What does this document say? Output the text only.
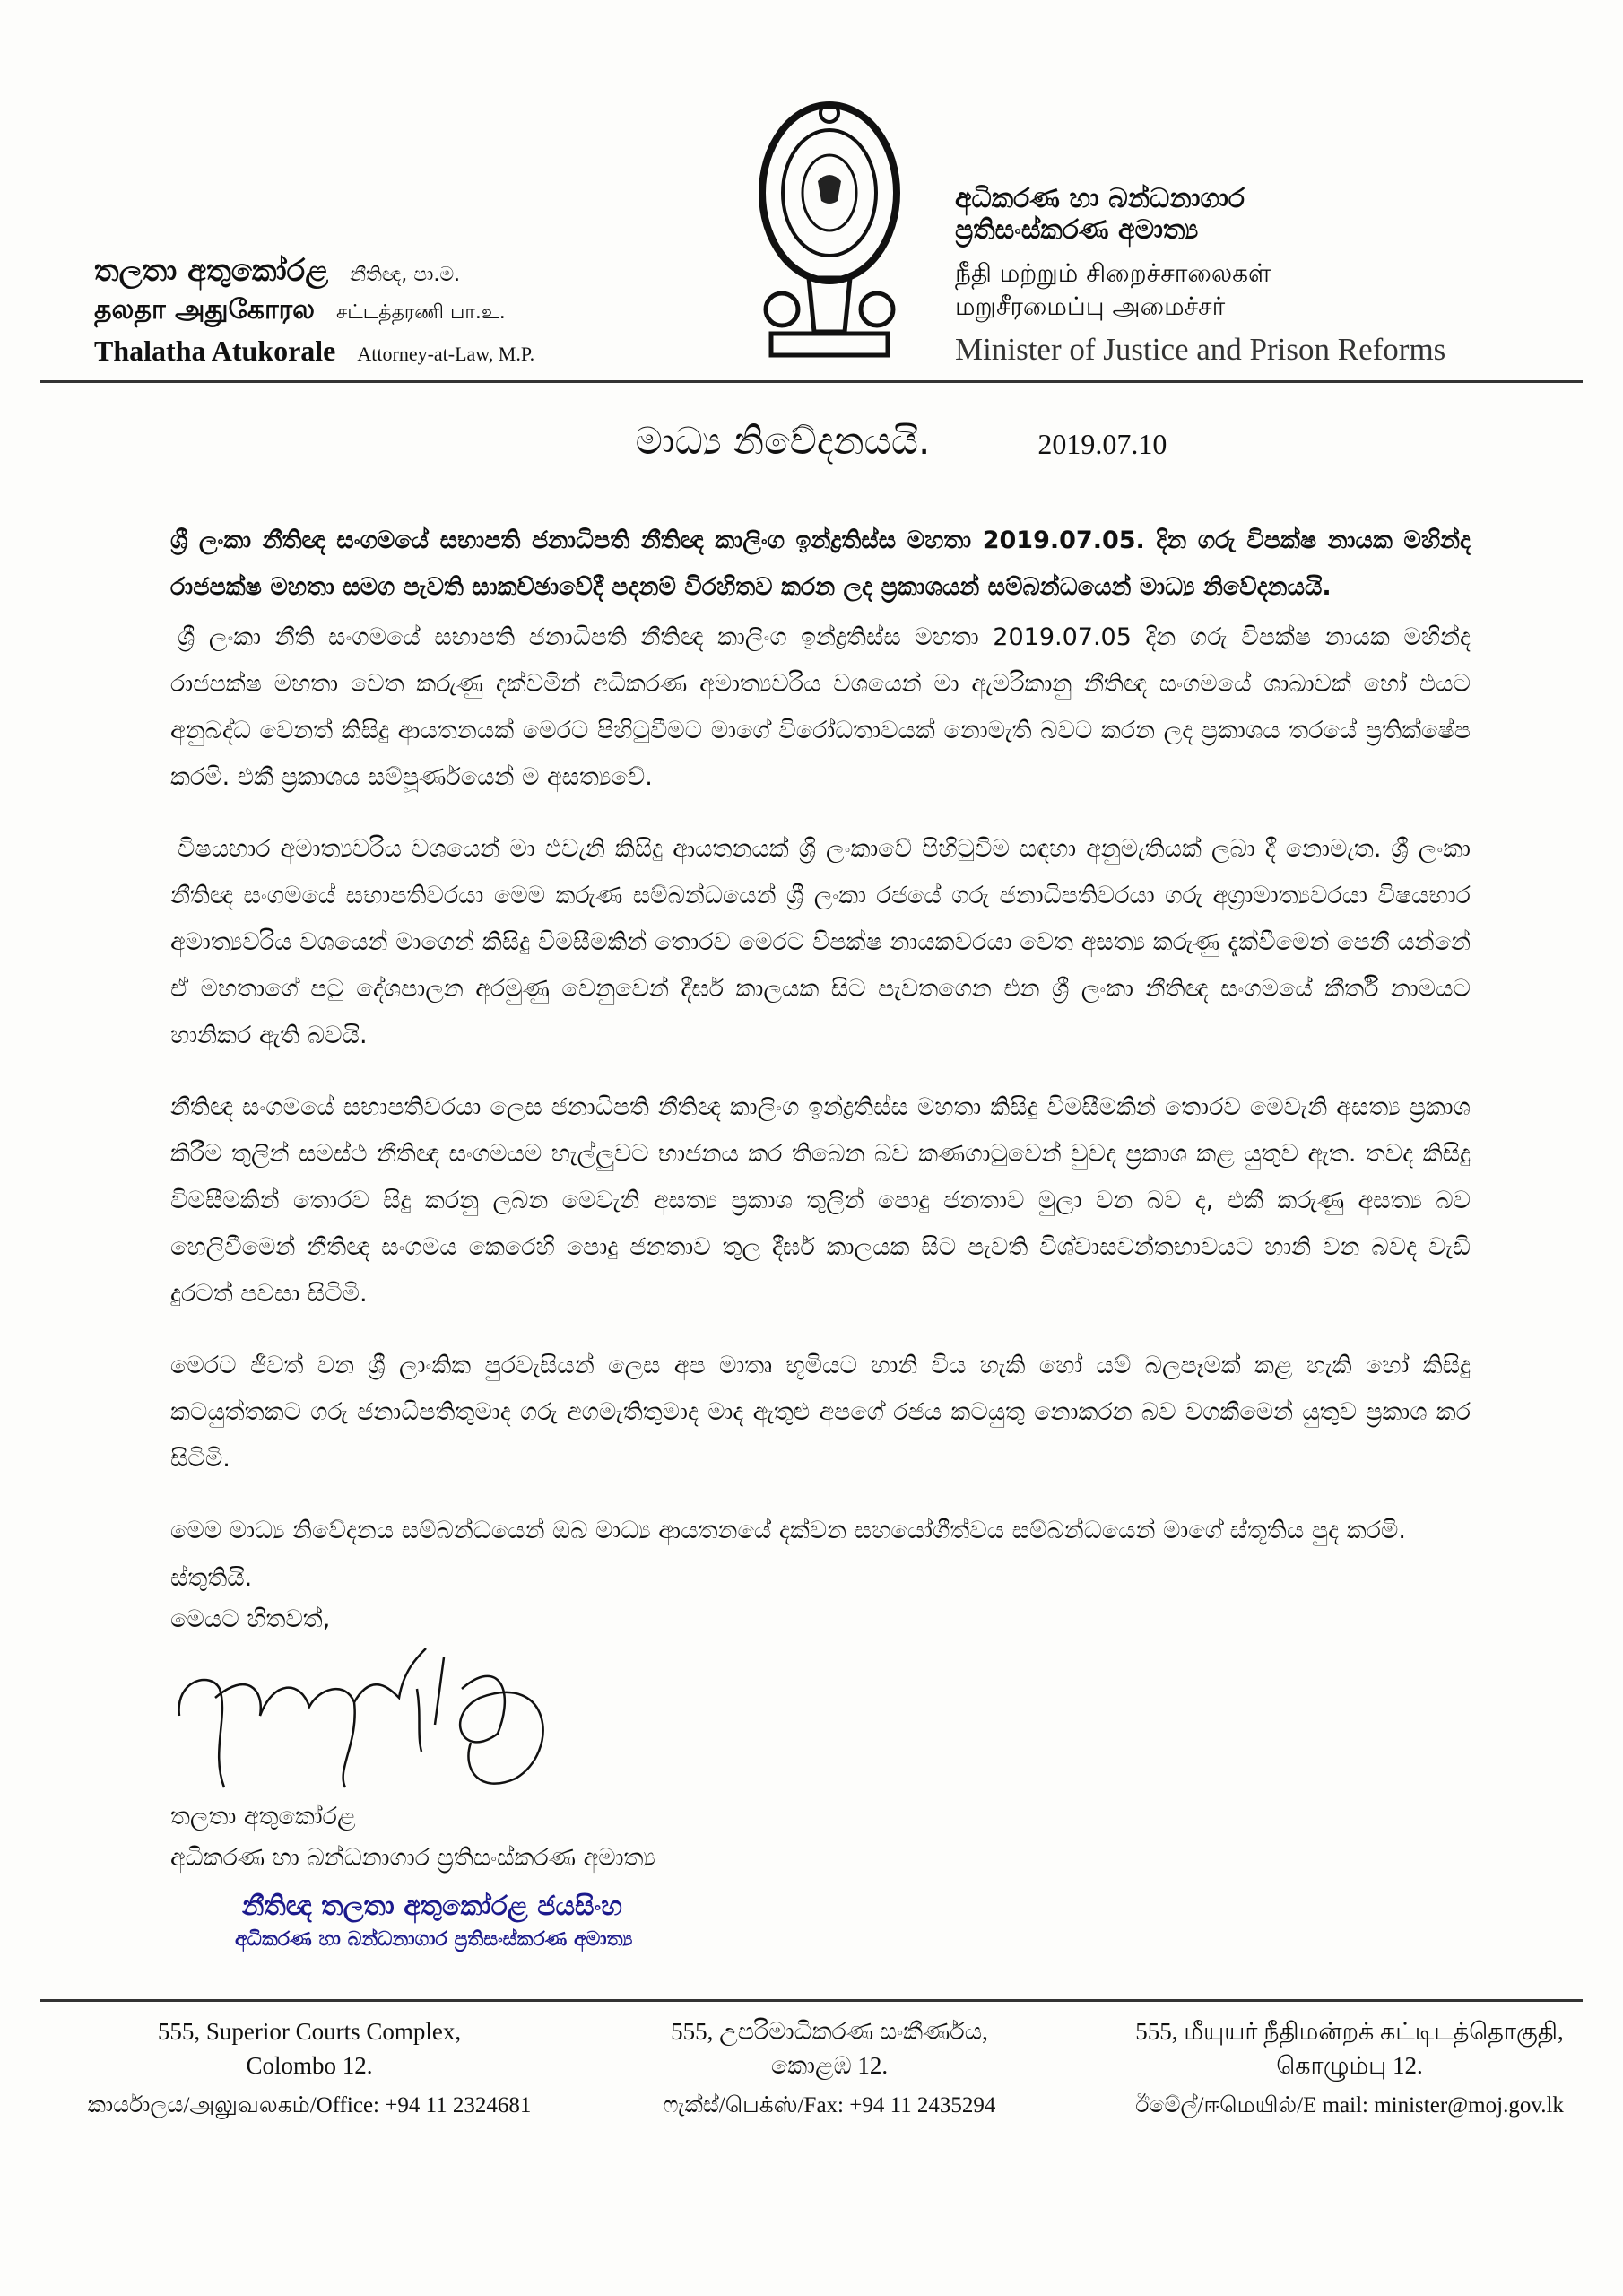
තලතා අතුකෝරළ නීතිඥ, පා.ම.
தலதா அதுகோரல சட்டத்தரணி பா.உ.
Thalatha Atukorale Attorney-at-Law, M.P.
අධිකරණ හා බන්ධනාගාර
ප්‍රතිසංස්කරණ අමාත්‍ය
நீதி மற்றும் சிறைச்சாலைகள்
மறுசீரமைப்பு அமைச்சர்
Minister of Justice and Prison Reforms
මාධ්‍ය නිවේදනයයි.	2019.07.10

ශ්‍රී ලංකා නීතිඥ සංගමයේ සභාපති ජනාධිපති නීතිඥ කාලිංග ඉන්ද්‍රතිස්ස මහතා 2019.07.05. දින ගරු විපක්ෂ නායක මහින්ද රාජපක්ෂ මහතා සමග පැවති සාකච්ඡාවේදී පදනම් විරහිතව කරන ලද ප්‍රකාශයන් සම්බන්ධයෙන් මාධ්‍ය නිවේදනයයි.

ශ්‍රී ලංකා නීති සංගමයේ සභාපති ජනාධිපති නීතිඥ කාලිංග ඉන්ද්‍රතිස්ස මහතා 2019.07.05 දින ගරු විපක්ෂ නායක මහින්ද රාජපක්ෂ මහතා වෙත කරුණු දක්වමින් අධිකරණ අමාත්‍යවරිය වශයෙන් මා ඇමරිකානු නීතිඥ සංගමයේ ශාඛාවක් හෝ එයට අනුබද්ධ වෙනත් කිසිදු ආයතනයක් මෙරට පිහිටුවීමට මාගේ විරෝධතාවයක් නොමැති බවට කරන ලද ප්‍රකාශය තරයේ ප්‍රතික්ෂේප කරමි. එකී ප්‍රකාශය සම්පූර්ණයෙන් ම අසත්‍යවේ.

විෂයභාර අමාත්‍යවරිය වශයෙන් මා එවැනි කිසිදු ආයතනයක් ශ්‍රී ලංකාවේ පිහිටුවීම සඳහා අනුමැතියක් ලබා දී නොමැත. ශ්‍රී ලංකා නීතිඥ සංගමයේ සභාපතිවරයා මෙම කරුණ සම්බන්ධයෙන් ශ්‍රී ලංකා රජයේ ගරු ජනාධිපතිවරයා ගරු අග්‍රාමාත්‍යවරයා විෂයභාර අමාත්‍යවරිය වශයෙන් මාගෙන් කිසිදු විමසීමකින් තොරව මෙරට විපක්ෂ නායකවරයා වෙත අසත්‍ය කරුණු දැක්වීමෙන් පෙනී යන්නේ ඒ මහතාගේ පටු දේශපාලන අරමුණු වෙනුවෙන් දීර්ඝ කාලයක සිට පැවතගෙන එන ශ්‍රී ලංකා නීතිඥ සංගමයේ කීර්ති නාමයට හානිකර ඇති බවයි.

නීතිඥ සංගමයේ සභාපතිවරයා ලෙස ජනාධිපති නීතිඥ කාලිංග ඉන්ද්‍රතිස්ස මහතා කිසිදු විමසීමකින් තොරව මෙවැනි අසත්‍ය ප්‍රකාශ කිරීම තුලින් සමස්ථ නීතිඥ සංගමයම හැල්ලුවට භාජනය කර තිබෙන බව කණගාටුවෙන් වුවද ප්‍රකාශ කළ යුතුව ඇත. තවද කිසිදු විමසීමකින් තොරව සිදු කරනු ලබන මෙවැනි අසත්‍ය ප්‍රකාශ තුලින් පොදු ජනතාව මුලා වන බව ද, එකී කරුණු අසත්‍ය බව හෙලිවීමෙන් නීතිඥ සංගමය කෙරෙහි පොදු ජනතාව තුල දීර්ඝ කාලයක සිට පැවති විශ්වාසවන්තභාවයට හානි වන බවද වැඩි දුරටත් පවසා සිටිමි.

මෙරට ජීවත් වන ශ්‍රී ලාංකික පුරවැසියන් ලෙස අප මාතෘ භූමියට හානි විය හැකි හෝ යම් බලපෑමක් කළ හැකි හෝ කිසිදු කටයුත්තකට ගරු ජනාධිපතිතුමාද ගරු අගමැතිතුමාද මාද ඇතුළු අපගේ රජය කටයුතු නොකරන බව වගකීමෙන් යුතුව ප්‍රකාශ කර සිටිමි.

මෙම මාධ්‍ය නිවේදනය සම්බන්ධයෙන් ඔබ මාධ්‍ය ආයතනයේ දක්වන සහයෝගීත්වය සම්බන්ධයෙන් මාගේ ස්තූතිය පුද කරමි.

ස්තුතියි.
මෙයට හිතවත්,
තලතා අතුකෝරළ
අධිකරණ හා බන්ධනාගාර ප්‍රතිසංස්කරණ අමාත්‍ය
නීතිඥ තලතා අතුකෝරළ ජයසිංහ
අධිකරණ හා බන්ධනාගාර ප්‍රතිසංස්කරණ අමාත්‍ය
555, Superior Courts Complex,
Colombo 12.
කාර්යාලය/அலுவலகம்/Office: +94 11 2324681
555, උපරිමාධිකරණ සංකීර්ණය,
කොළඹ 12.
ෆැක්ස්/பெக்ஸ்/Fax: +94 11 2435294
555, மீயுயர் நீதிமன்றக் கட்டிடத்தொகுதி,
கொழும்பு 12.
ඊමේල්/ஈமெயில்/E mail: minister@moj.gov.lk
